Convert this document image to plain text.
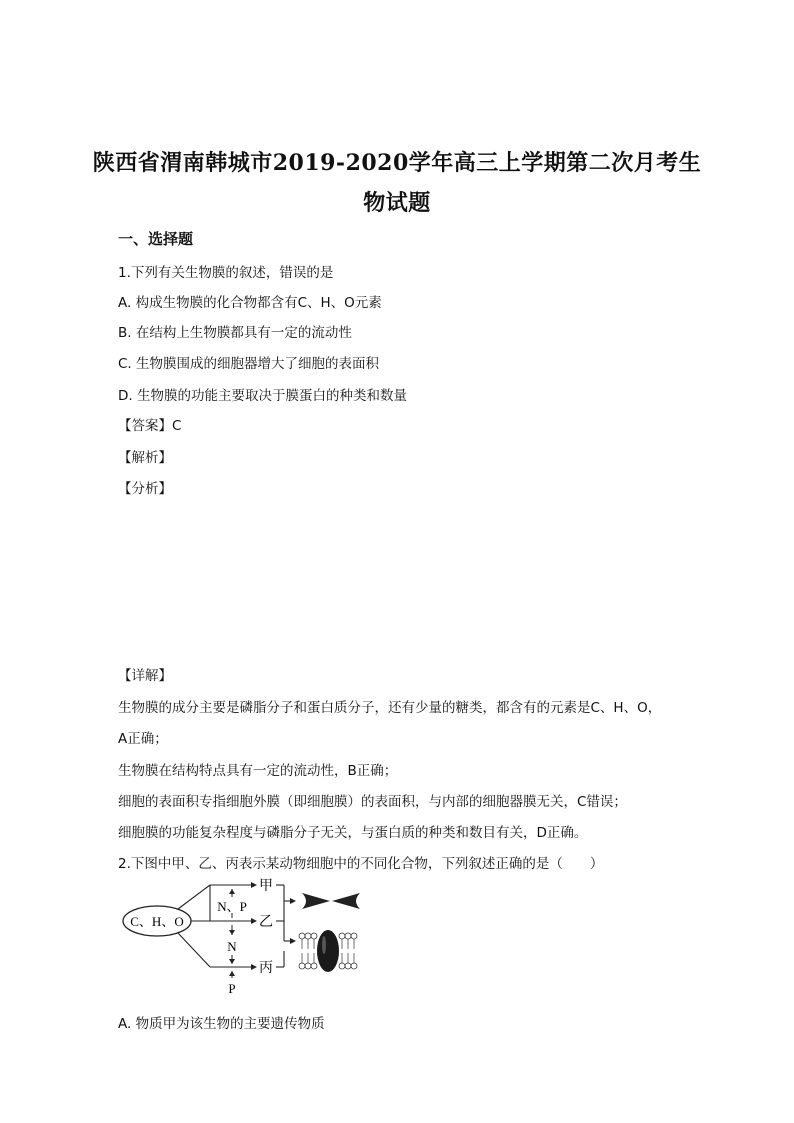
陕西省渭南韩城市2019-2020学年高三上学期第二次月考生
物试题
一、选择题
1.下列有关生物膜的叙述，错误的是
A. 构成生物膜的化合物都含有C、H、O元素
B. 在结构上生物膜都具有一定的流动性
C. 生物膜围成的细胞器增大了细胞的表面积
D. 生物膜的功能主要取决于膜蛋白的种类和数量
【答案】C
【解析】
【分析】
【详解】
生物膜的成分主要是磷脂分子和蛋白质分子，还有少量的糖类，都含有的元素是C、H、O，
A正确；
生物膜在结构特点具有一定的流动性，B正确；
细胞的表面积专指细胞外膜（即细胞膜）的表面积，与内部的细胞器膜无关，C错误；
细胞膜的功能复杂程度与磷脂分子无关，与蛋白质的种类和数目有关，D正确。
2.下图中甲、乙、丙表示某动物细胞中的不同化合物，下列叙述正确的是（　　）
C、H、O
N、P
N
P
甲
乙
丙
A. 物质甲为该生物的主要遗传物质
